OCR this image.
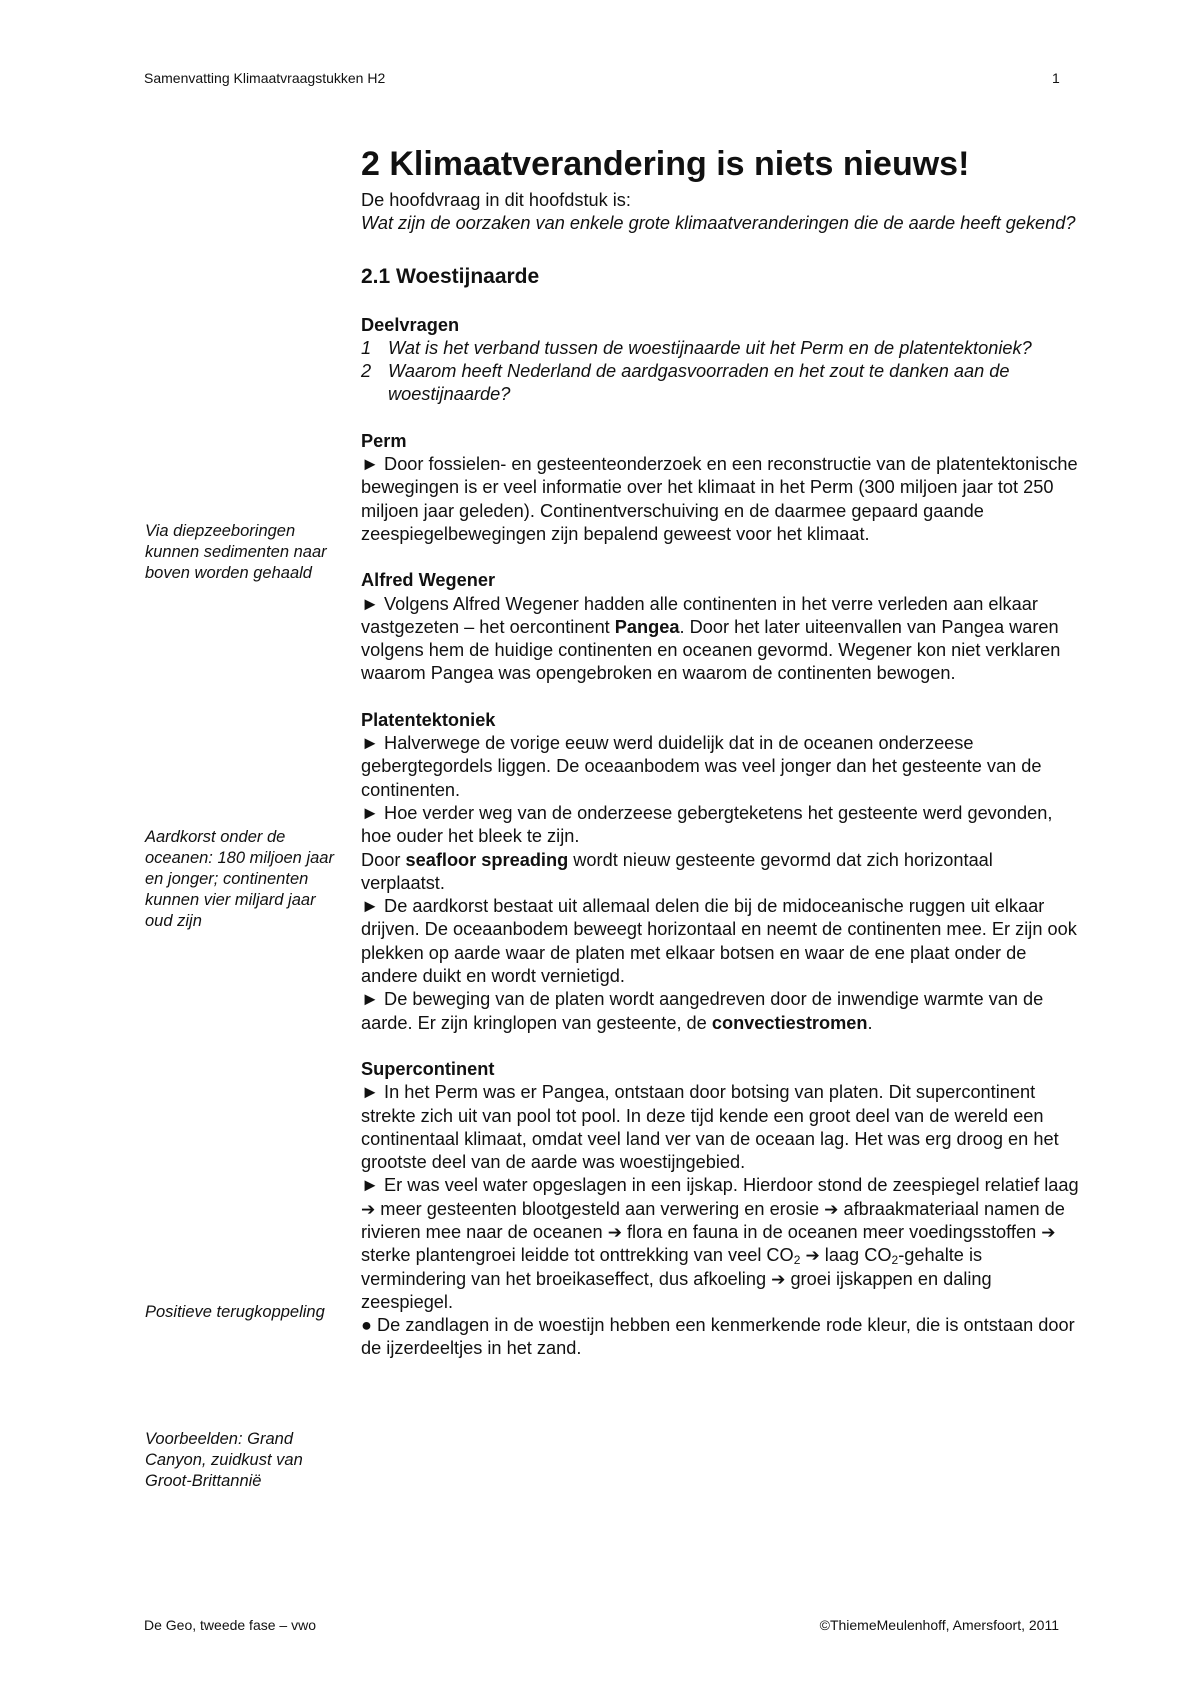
Samenvatting Klimaatvraagstukken H2	1
Via diepzeeboringen kunnen sedimenten naar boven worden gehaald
Aardkorst onder de oceanen: 180 miljoen jaar en jonger; continenten kunnen vier miljard jaar oud zijn
Positieve terugkoppeling
Voorbeelden: Grand Canyon, zuidkust van Groot-Brittannië
2 Klimaatverandering is niets nieuws!

De hoofdvraag in dit hoofdstuk is:

Wat zijn de oorzaken van enkele grote klimaatveranderingen die de aarde heeft gekend?

2.1 Woestijnaarde
Deelvragen
1 Wat is het verband tussen de woestijnaarde uit het Perm en de platentektoniek?
2 Waarom heeft Nederland de aardgasvoorraden en het zout te danken aan de woestijnaarde?
Perm

► Door fossielen- en gesteenteonderzoek en een reconstructie van de platentektonische bewegingen is er veel informatie over het klimaat in het Perm (300 miljoen jaar tot 250 miljoen jaar geleden). Continentverschuiving en de daarmee gepaard gaande zeespiegelbewegingen zijn bepalend geweest voor het klimaat.

Alfred Wegener

► Volgens Alfred Wegener hadden alle continenten in het verre verleden aan elkaar vastgezeten – het oercontinent Pangea. Door het later uiteenvallen van Pangea waren volgens hem de huidige continenten en oceanen gevormd. Wegener kon niet verklaren waarom Pangea was opengebroken en waarom de continenten bewogen.

Platentektoniek

► Halverwege de vorige eeuw werd duidelijk dat in de oceanen onderzeese gebergtegordels liggen. De oceaanbodem was veel jonger dan het gesteente van de continenten.

► Hoe verder weg van de onderzeese gebergteketens het gesteente werd gevonden, hoe ouder het bleek te zijn.

Door seafloor spreading wordt nieuw gesteente gevormd dat zich horizontaal verplaatst.

► De aardkorst bestaat uit allemaal delen die bij de midoceanische ruggen uit elkaar drijven. De oceaanbodem beweegt horizontaal en neemt de continenten mee. Er zijn ook plekken op aarde waar de platen met elkaar botsen en waar de ene plaat onder de andere duikt en wordt vernietigd.

► De beweging van de platen wordt aangedreven door de inwendige warmte van de aarde. Er zijn kringlopen van gesteente, de convectiestromen.

Supercontinent

► In het Perm was er Pangea, ontstaan door botsing van platen. Dit supercontinent strekte zich uit van pool tot pool. In deze tijd kende een groot deel van de wereld een continentaal klimaat, omdat veel land ver van de oceaan lag. Het was erg droog en het grootste deel van de aarde was woestijngebied.

► Er was veel water opgeslagen in een ijskap. Hierdoor stond de zeespiegel relatief laag ➔ meer gesteenten blootgesteld aan verwering en erosie ➔ afbraakmateriaal namen de rivieren mee naar de oceanen ➔ flora en fauna in de oceanen meer voedingsstoffen ➔ sterke plantengroei leidde tot onttrekking van veel $CO_2$ ➔ laag $CO_2$-gehalte is vermindering van het broeikaseffect, dus afkoeling ➔ groei ijskappen en daling zeespiegel.

● De zandlagen in de woestijn hebben een kenmerkende rode kleur, die is ontstaan door de ijzerdeeltjes in het zand.

De Geo, tweede fase – vwo	©ThiemeMeulenhoff, Amersfoort, 2011
